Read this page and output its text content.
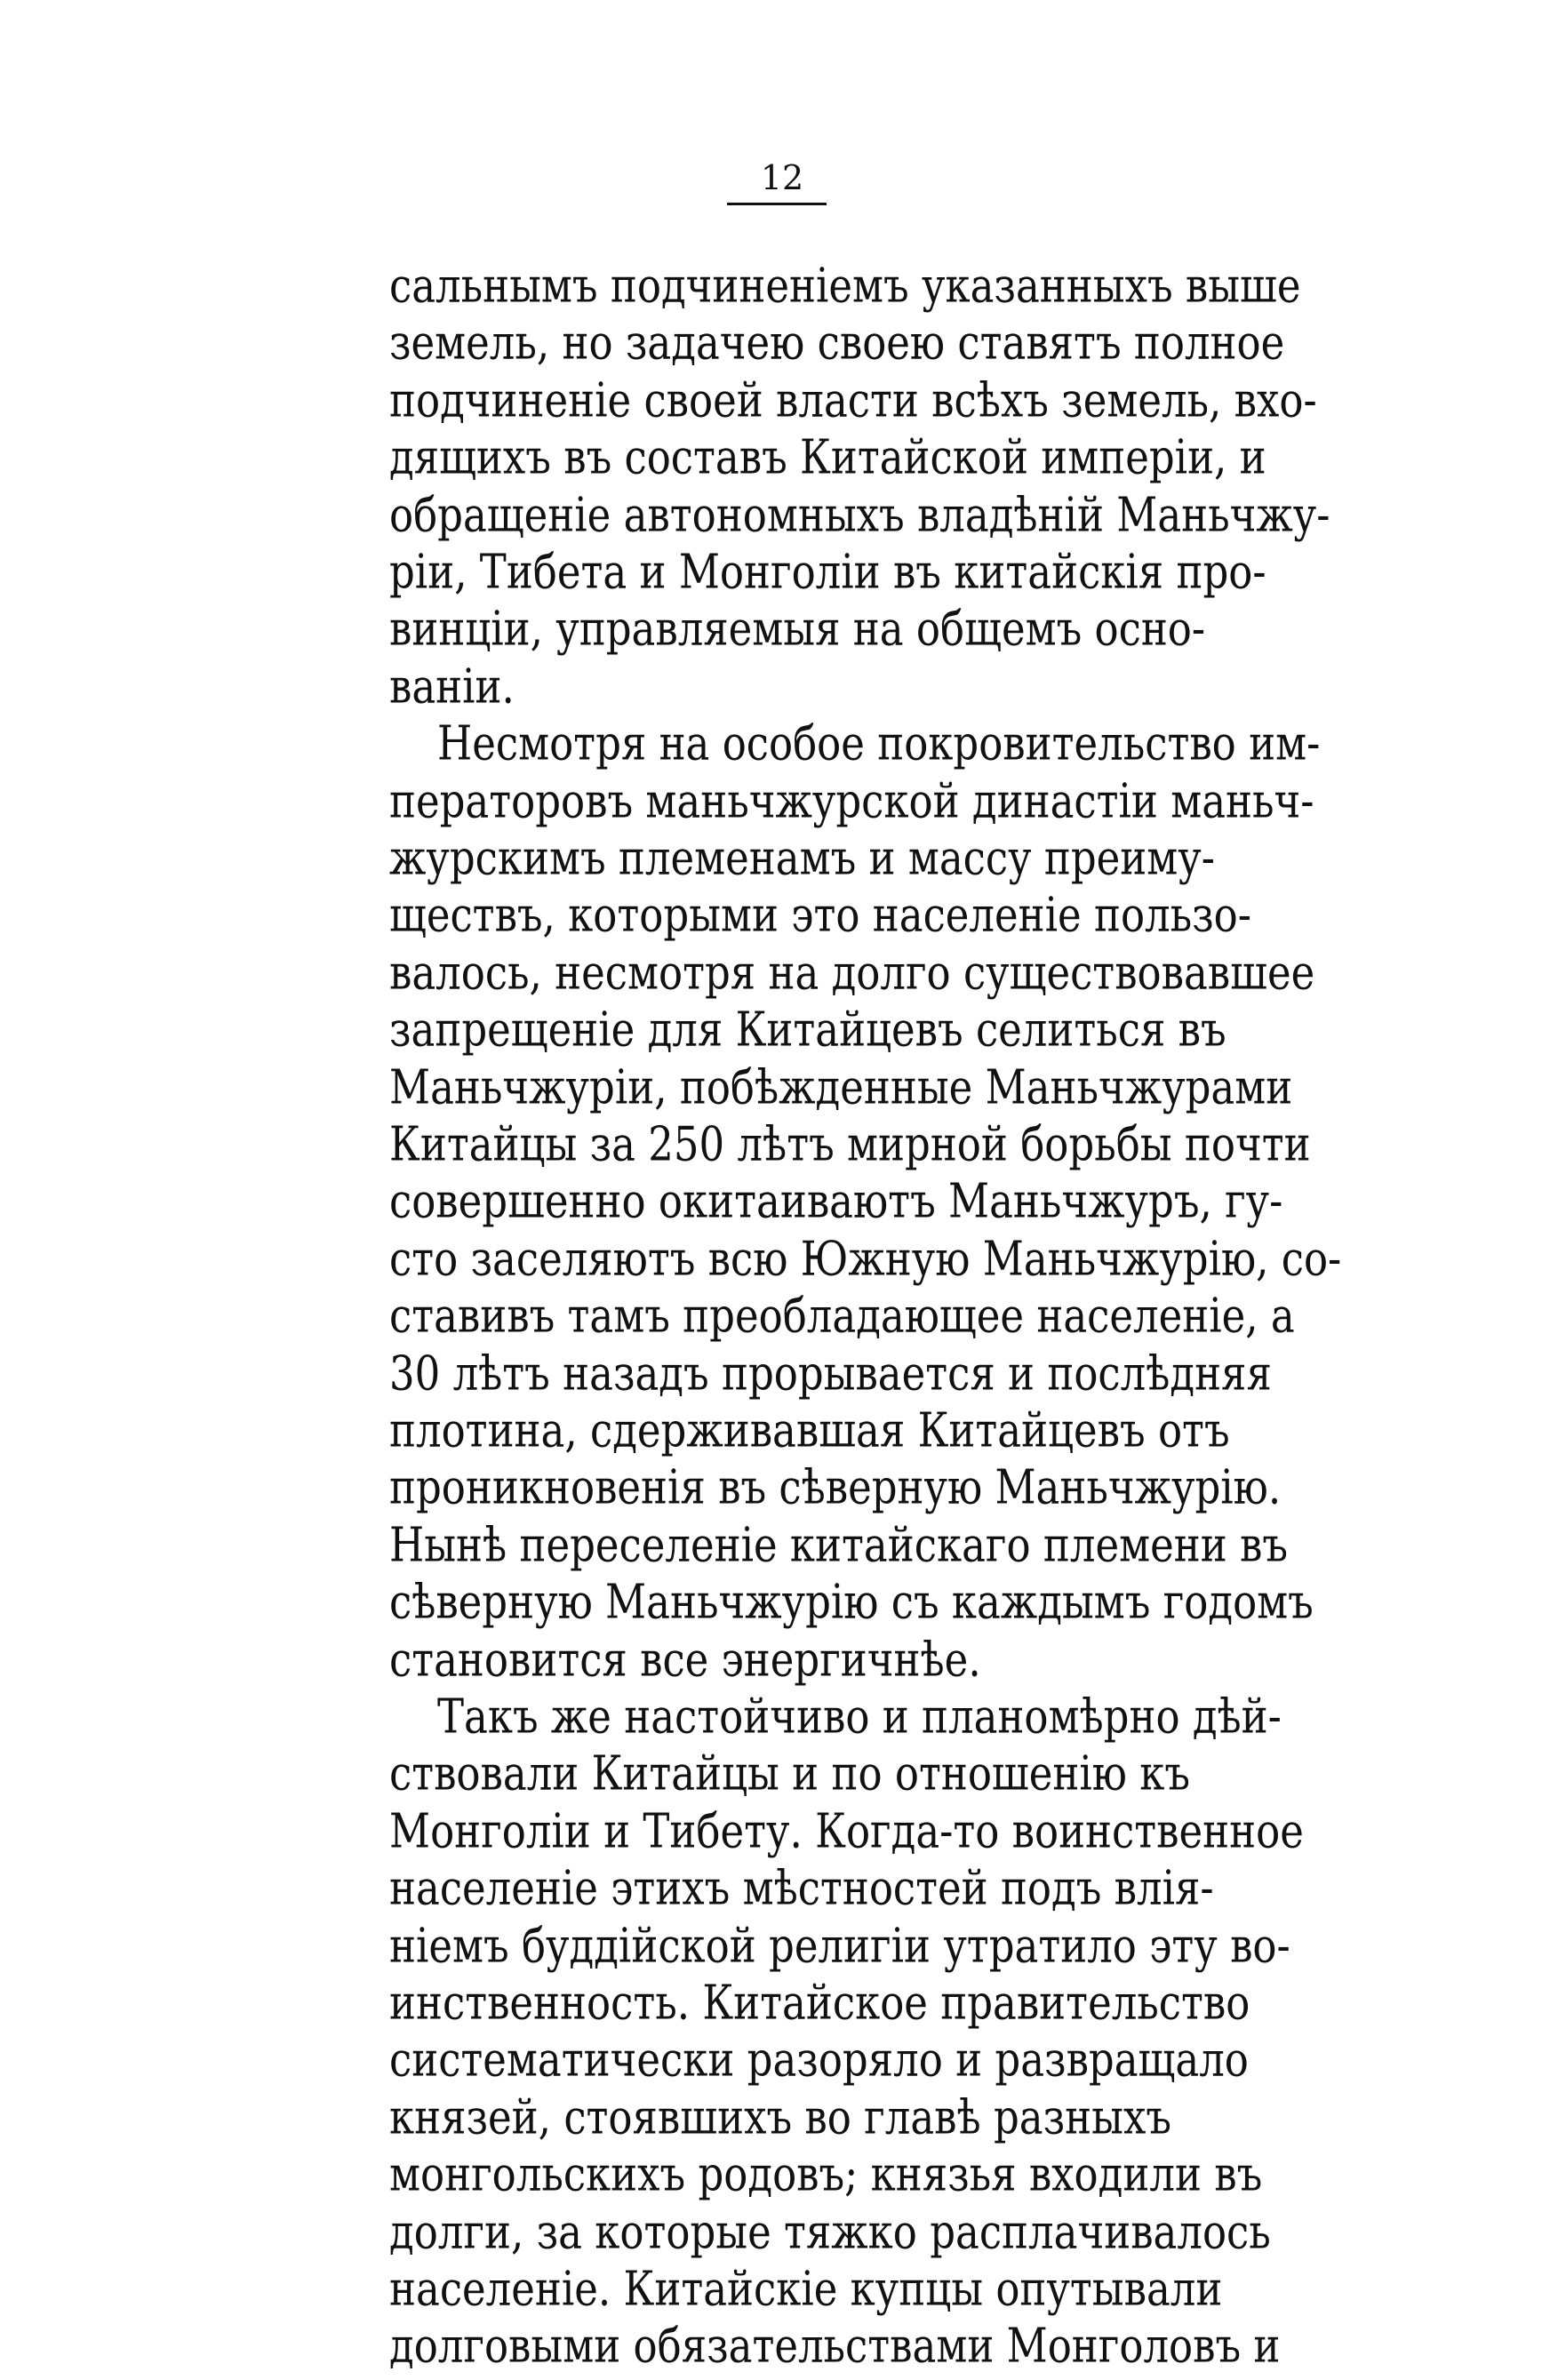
12
сальнымъ подчиненіемъ указанныхъ выше
земель, но задачею своею ставятъ полное
подчиненіе своей власти всѣхъ земель, вхо-
дящихъ въ составъ Китайской имперіи, и
обращеніе автономныхъ владѣній Маньчжу-
ріи, Тибета и Монголіи въ китайскія про-
винціи, управляемыя на общемъ осно-
ваніи.
Несмотря на особое покровительство им-
ператоровъ маньчжурской династіи маньч-
журскимъ племенамъ и массу преиму-
ществъ, которыми это населеніе пользо-
валось, несмотря на долго существовавшее
запрещеніе для Китайцевъ селиться въ
Маньчжуріи, побѣжденные Маньчжурами
Китайцы за 250 лѣтъ мирной борьбы почти
совершенно окитаиваютъ Маньчжуръ, гу-
сто заселяютъ всю Южную Маньчжурію, со-
ставивъ тамъ преобладающее населеніе, а
30 лѣтъ назадъ прорывается и послѣдняя
плотина, сдерживавшая Китайцевъ отъ
проникновенія въ сѣверную Маньчжурію.
Нынѣ переселеніе китайскаго племени въ
сѣверную Маньчжурію съ каждымъ годомъ
становится все энергичнѣе.
Такъ же настойчиво и планомѣрно дѣй-
ствовали Китайцы и по отношенію къ
Монголіи и Тибету. Когда-то воинственное
населеніе этихъ мѣстностей подъ влія-
ніемъ буддійской религіи утратило эту во-
инственность. Китайское правительство
систематически разоряло и развращало
князей, стоявшихъ во главѣ разныхъ
монгольскихъ родовъ; князья входили въ
долги, за которые тяжко расплачивалось
населеніе. Китайскіе купцы опутывали
долговыми обязательствами Монголовъ и
